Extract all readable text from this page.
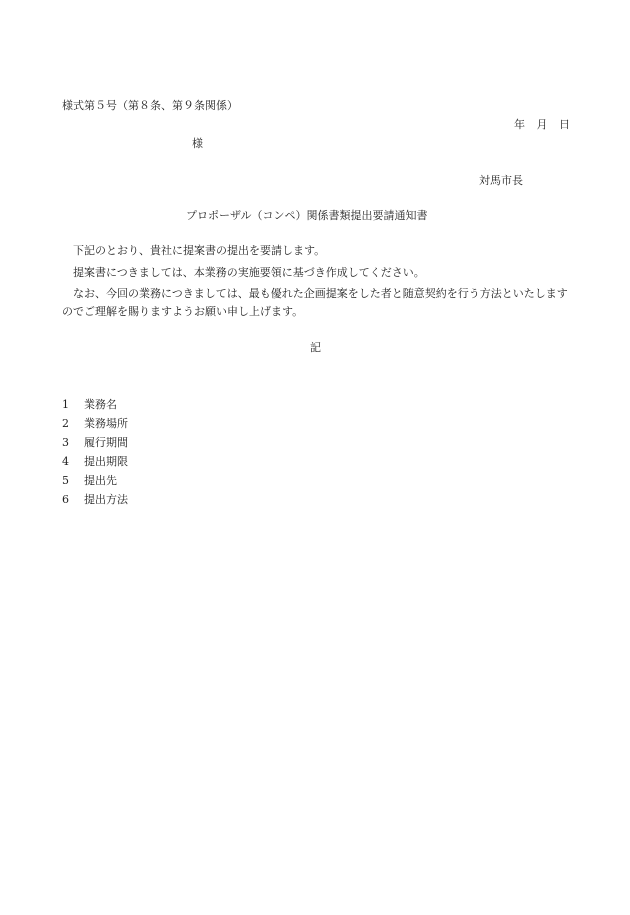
様式第５号（第８条、第９条関係）
年 月 日
様
対馬市長
プロポーザル（コンペ）関係書類提出要請通知書
下記のとおり、貴社に提案書の提出を要請します。
提案書につきましては、本業務の実施要領に基づき作成してください。
なお、今回の業務につきましては、最も優れた企画提案をした者と随意契約を行う方法といたしますのでご理解を賜りますようお願い申し上げます。
記
1 業務名
2 業務場所
3 履行期間
4 提出期限
5 提出先
6 提出方法
